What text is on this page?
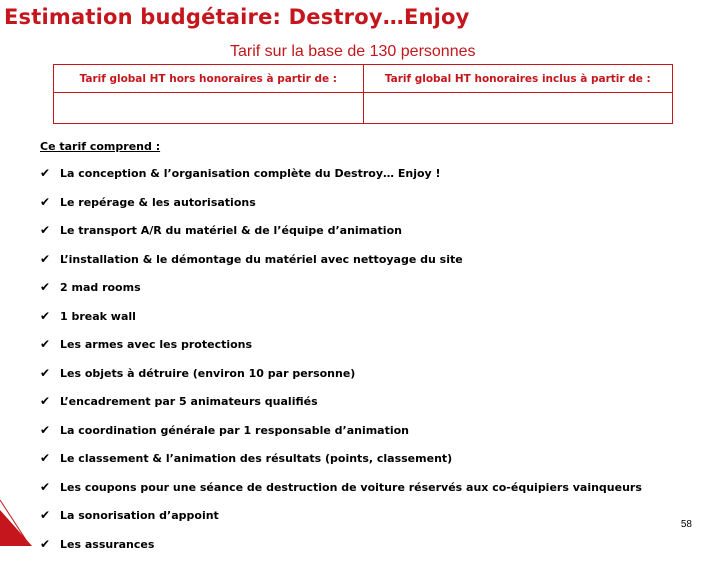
Estimation budgétaire: Destroy…Enjoy
Tarif sur la base de 130 personnes
Tarif global HT hors honoraires à partir de :	Tarif global HT honoraires inclus à partir de :

Ce tarif comprend :
✔ La conception & l’organisation complète du Destroy… Enjoy !
✔ Le repérage & les autorisations
✔ Le transport A/R du matériel & de l’équipe d’animation
✔ L’installation & le démontage du matériel avec nettoyage du site
✔ 2 mad rooms
✔ 1 break wall
✔ Les armes avec les protections
✔ Les objets à détruire (environ 10 par personne)
✔ L’encadrement par 5 animateurs qualifiés
✔ La coordination générale par 1 responsable d’animation
✔ Le classement & l’animation des résultats (points, classement)
✔ Les coupons pour une séance de destruction de voiture réservés aux co-équipiers vainqueurs
✔ La sonorisation d’appoint
✔ Les assurances
58
